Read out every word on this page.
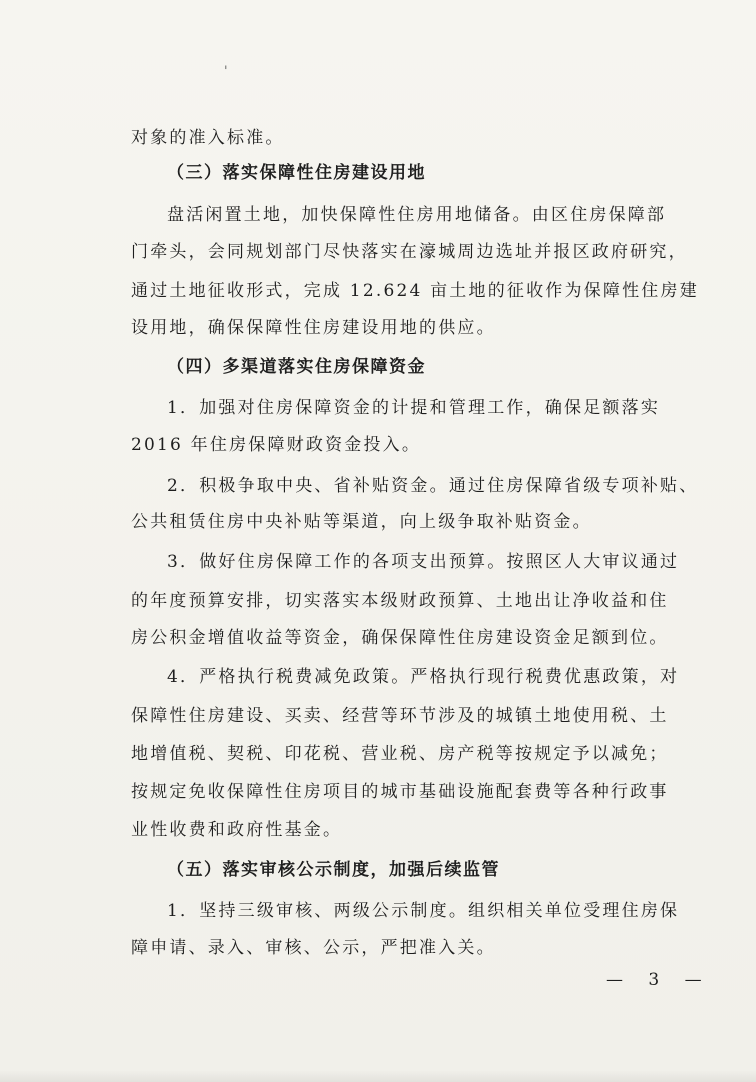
'
对象的准入标准。
（三）落实保障性住房建设用地
盘活闲置土地，加快保障性住房用地储备。由区住房保障部
门牵头，会同规划部门尽快落实在濠城周边选址并报区政府研究，
通过土地征收形式，完成 12.624 亩土地的征收作为保障性住房建
设用地，确保保障性住房建设用地的供应。
（四）多渠道落实住房保障资金
1．加强对住房保障资金的计提和管理工作，确保足额落实
2016 年住房保障财政资金投入。
2．积极争取中央、省补贴资金。通过住房保障省级专项补贴、
公共租赁住房中央补贴等渠道，向上级争取补贴资金。
3．做好住房保障工作的各项支出预算。按照区人大审议通过
的年度预算安排，切实落实本级财政预算、土地出让净收益和住
房公积金增值收益等资金，确保保障性住房建设资金足额到位。
4．严格执行税费减免政策。严格执行现行税费优惠政策，对
保障性住房建设、买卖、经营等环节涉及的城镇土地使用税、土
地增值税、契税、印花税、营业税、房产税等按规定予以减免；
按规定免收保障性住房项目的城市基础设施配套费等各种行政事
业性收费和政府性基金。
（五）落实审核公示制度，加强后续监管
1．坚持三级审核、两级公示制度。组织相关单位受理住房保
障申请、录入、审核、公示，严把准入关。
— 3 —
